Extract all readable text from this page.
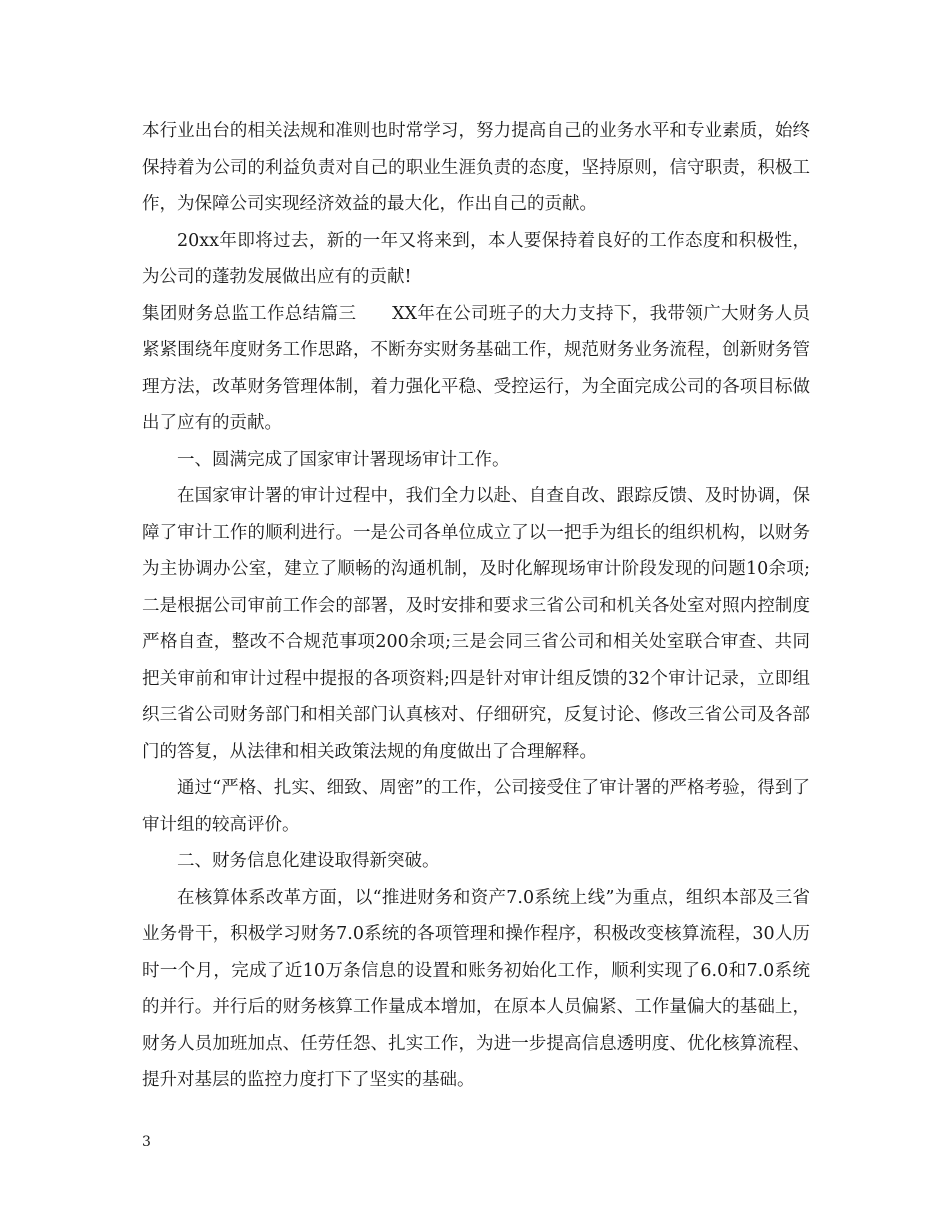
本行业出台的相关法规和准则也时常学习，努力提高自己的业务水平和专业素质，始终保持着为公司的利益负责对自己的职业生涯负责的态度，坚持原则，信守职责，积极工作，为保障公司实现经济效益的最大化，作出自己的贡献。

20xx年即将过去，新的一年又将来到，本人要保持着良好的工作态度和积极性，为公司的蓬勃发展做出应有的贡献!

集团财务总监工作总结篇三　　XX年在公司班子的大力支持下，我带领广大财务人员紧紧围绕年度财务工作思路，不断夯实财务基础工作，规范财务业务流程，创新财务管理方法，改革财务管理体制，着力强化平稳、受控运行，为全面完成公司的各项目标做出了应有的贡献。

一、圆满完成了国家审计署现场审计工作。

在国家审计署的审计过程中，我们全力以赴、自查自改、跟踪反馈、及时协调，保障了审计工作的顺利进行。一是公司各单位成立了以一把手为组长的组织机构，以财务为主协调办公室，建立了顺畅的沟通机制，及时化解现场审计阶段发现的问题10余项;二是根据公司审前工作会的部署，及时安排和要求三省公司和机关各处室对照内控制度严格自查，整改不合规范事项200余项;三是会同三省公司和相关处室联合审查、共同把关审前和审计过程中提报的各项资料;四是针对审计组反馈的32个审计记录，立即组织三省公司财务部门和相关部门认真核对、仔细研究，反复讨论、修改三省公司及各部门的答复，从法律和相关政策法规的角度做出了合理解释。

通过“严格、扎实、细致、周密”的工作，公司接受住了审计署的严格考验，得到了审计组的较高评价。

二、财务信息化建设取得新突破。

在核算体系改革方面，以“推进财务和资产7.0系统上线”为重点，组织本部及三省业务骨干，积极学习财务7.0系统的各项管理和操作程序，积极改变核算流程，30人历时一个月，完成了近10万条信息的设置和账务初始化工作，顺利实现了6.0和7.0系统的并行。并行后的财务核算工作量成本增加，在原本人员偏紧、工作量偏大的基础上，财务人员加班加点、任劳任怨、扎实工作，为进一步提高信息透明度、优化核算流程、提升对基层的监控力度打下了坚实的基础。

3
